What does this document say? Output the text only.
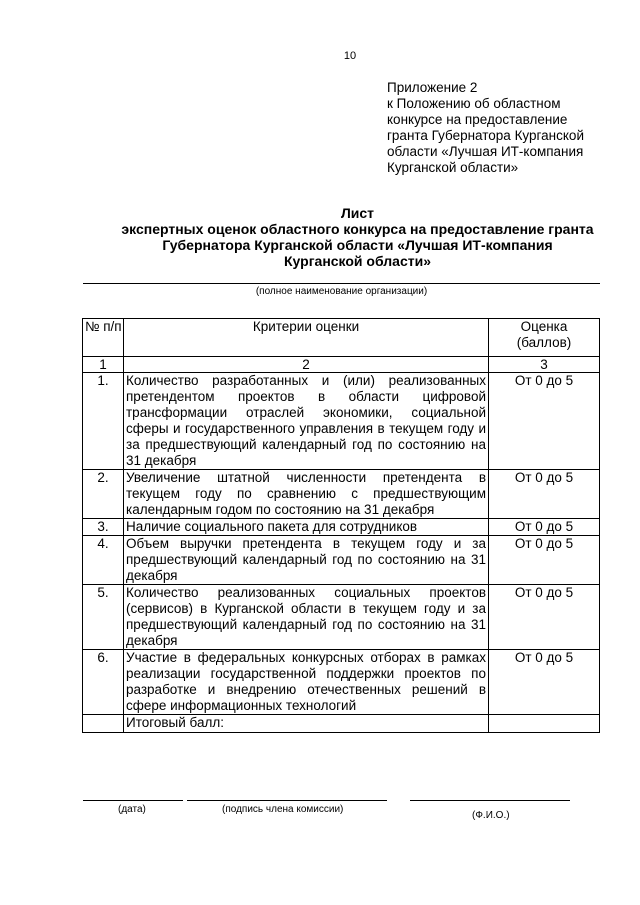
10
Приложение 2
к Положению об областном
конкурсе на предоставление
гранта Губернатора Курганской
области «Лучшая ИТ-компания
Курганской области»
Лист
экспертных оценок областного конкурса на предоставление гранта
Губернатора Курганской области «Лучшая ИТ-компания
Курганской области»
(полное наименование организации)
№ п/п	Критерии оценки	Оценка (баллов)
1	2	3
1.	Количество разработанных и (или) реализованных претендентом проектов в области цифровой трансформации отраслей экономики, социальной сферы и государственного управления в текущем году и за предшествующий календарный год по состоянию на 31 декабря	От 0 до 5
2.	Увеличение штатной численности претендента в текущем году по сравнению с предшествующим календарным годом по состоянию на 31 декабря	От 0 до 5
3.	Наличие социального пакета для сотрудников	От 0 до 5
4.	Объем выручки претендента в текущем году и за предшествующий календарный год по состоянию на 31 декабря	От 0 до 5
5.	Количество реализованных социальных проектов (сервисов) в Курганской области в текущем году и за предшествующий календарный год по состоянию на 31 декабря	От 0 до 5
6.	Участие в федеральных конкурсных отборах в рамках реализации государственной поддержки проектов по разработке и внедрению отечественных решений в сфере информационных технологий	От 0 до 5
	Итоговый балл:	
(дата)	(подпись члена комиссии)
(Ф.И.О.)
